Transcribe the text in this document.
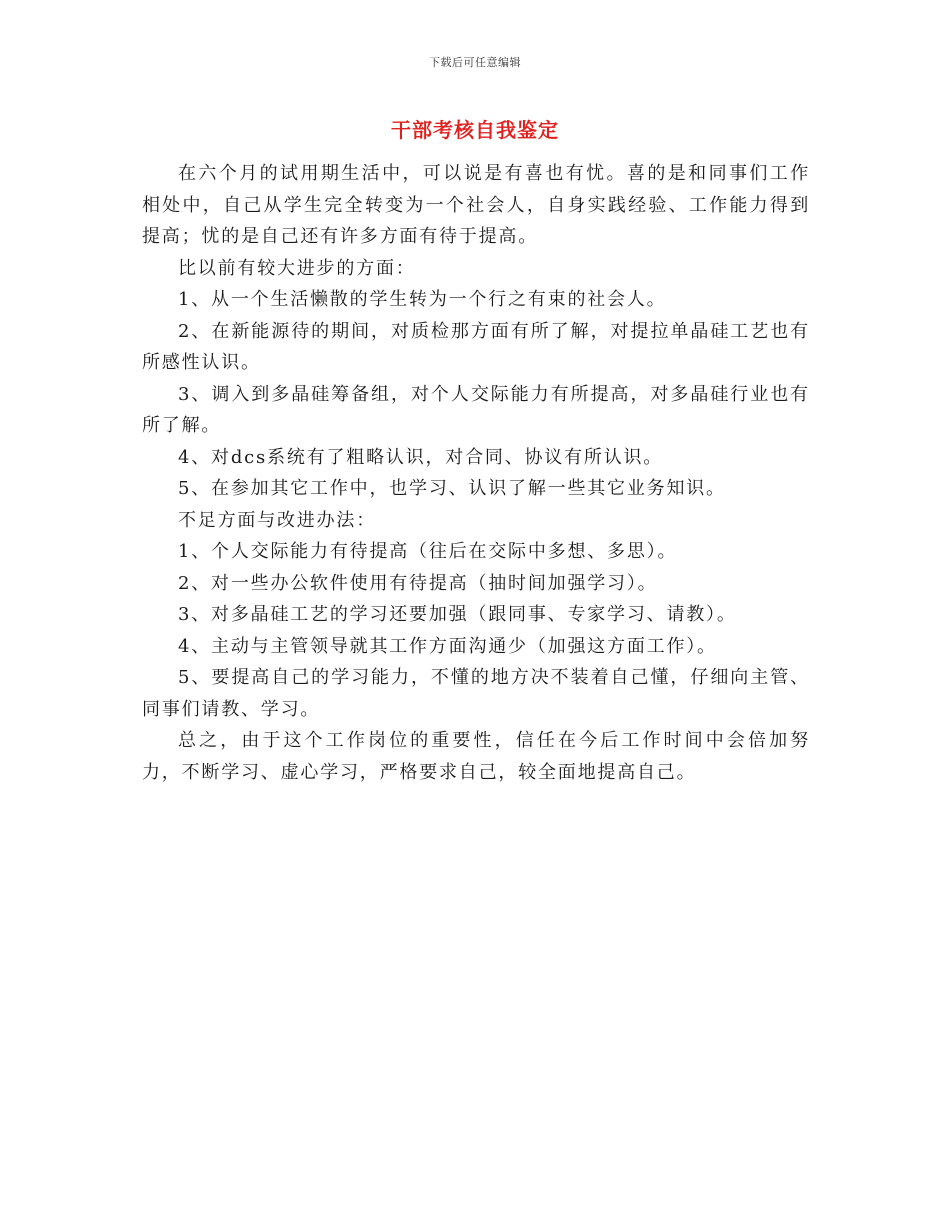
下载后可任意编辑
干部考核自我鉴定

在六个月的试用期生活中，可以说是有喜也有忧。喜的是和同事们工作相处中，自己从学生完全转变为一个社会人，自身实践经验、工作能力得到提高；忧的是自己还有许多方面有待于提高。

比以前有较大进步的方面：

1、从一个生活懒散的学生转为一个行之有束的社会人。

2、在新能源待的期间，对质检那方面有所了解，对提拉单晶硅工艺也有所感性认识。

3、调入到多晶硅筹备组，对个人交际能力有所提高，对多晶硅行业也有所了解。

4、对dcs系统有了粗略认识，对合同、协议有所认识。

5、在参加其它工作中，也学习、认识了解一些其它业务知识。

不足方面与改进办法：

1、个人交际能力有待提高（往后在交际中多想、多思）。

2、对一些办公软件使用有待提高（抽时间加强学习）。

3、对多晶硅工艺的学习还要加强（跟同事、专家学习、请教）。

4、主动与主管领导就其工作方面沟通少（加强这方面工作）。

5、要提高自己的学习能力，不懂的地方决不装着自己懂，仔细向主管、同事们请教、学习。

总之，由于这个工作岗位的重要性，信任在今后工作时间中会倍加努力，不断学习、虚心学习，严格要求自己，较全面地提高自己。
